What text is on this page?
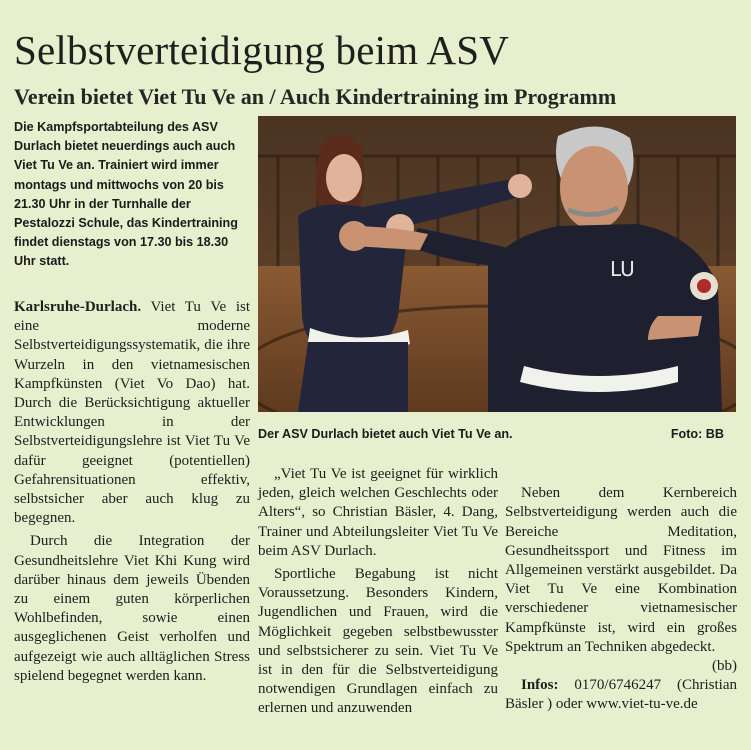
Selbstverteidigung beim ASV
Verein bietet Viet Tu Ve an / Auch Kindertraining im Programm

Die Kampfsportabteilung des ASV Durlach bietet neuerdings auch auch Viet Tu Ve an. Trainiert wird immer montags und mittwochs von 20 bis 21.30 Uhr in der Turnhalle der Pestalozzi Schule, das Kindertraining findet dienstags von 17.30 bis 18.30 Uhr statt.

Karlsruhe-Durlach. Viet Tu Ve ist eine moderne Selbstverteidigungssystematik, die ihre Wurzeln in den vietnamesischen Kampfkünsten (Viet Vo Dao) hat. Durch die Berücksichtigung aktueller Entwicklungen in der Selbstverteidigungslehre ist Viet Tu Ve dafür geeignet (potentiellen) Gefahrensituationen effektiv, selbstsicher aber auch klug zu begegnen.

Durch die Integration der Gesundheitslehre Viet Khi Kung wird darüber hinaus dem jeweils Übenden zu einem guten körperlichen Wohlbefinden, sowie einen ausgeglichenen Geist verholfen und aufgezeigt wie auch alltäglichen Stress spielend begegnet werden kann.

LU
Der ASV Durlach bietet auch Viet Tu Ve an.	Foto: BB

„Viet Tu Ve ist geeignet für wirklich jeden, gleich welchen Geschlechts oder Alters“, so Christian Bäsler, 4. Dang, Trainer und Abteilungsleiter Viet Tu Ve beim ASV Durlach.

Sportliche Begabung ist nicht Voraussetzung. Besonders Kindern, Jugendlichen und Frauen, wird die Möglichkeit gegeben selbstbewusster und selbstsicherer zu sein. Viet Tu Ve ist in den für die Selbstverteidigung notwendigen Grundlagen einfach zu erlernen und anzuwenden

Neben dem Kernbereich Selbstverteidigung werden auch die Bereiche Meditation, Gesundheitssport und Fitness im Allgemeinen verstärkt ausgebildet. Da Viet Tu Ve eine Kombination verschiedener vietnamesischer Kampfkünste ist, wird ein großes Spektrum an Techniken abgedeckt.

(bb)

Infos: 0170/6746247 (Christian Bäsler ) oder www.viet-tu-ve.de
